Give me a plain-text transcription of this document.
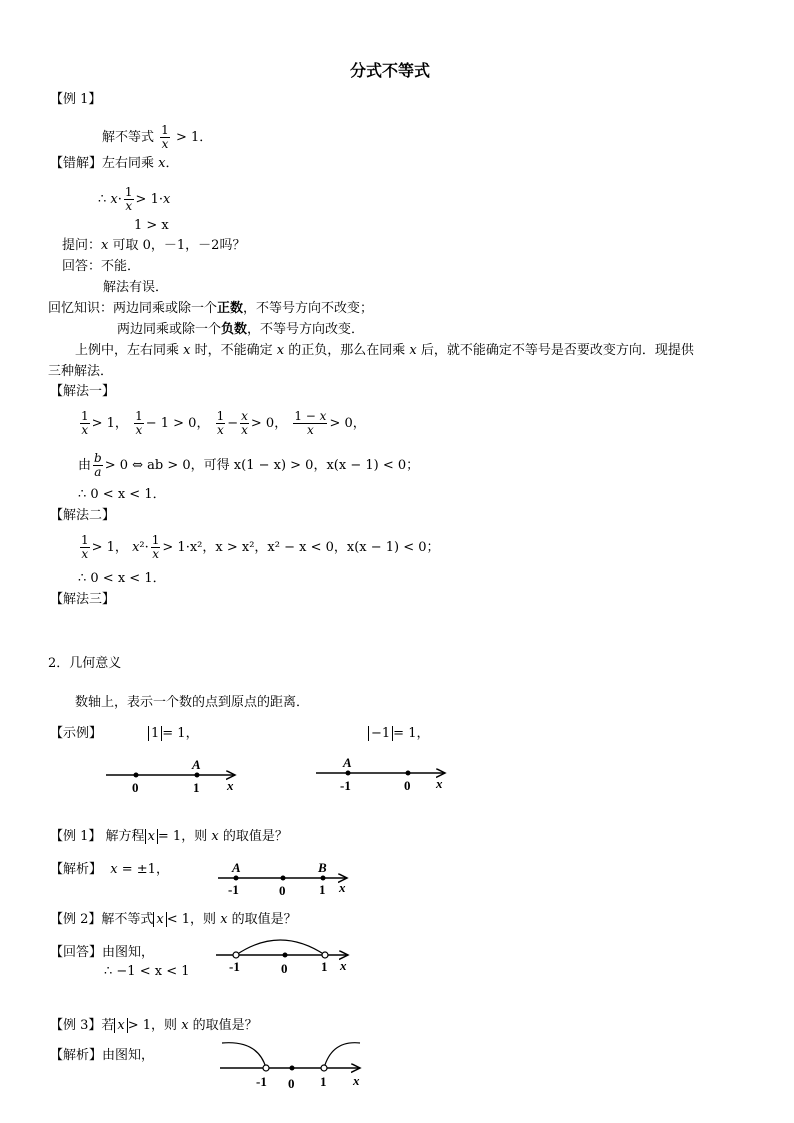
分式不等式
【例 1】
解不等式 $\frac{1}{x} > 1$．
【错解】左右同乘 x．
∴ $x\cdot \frac{1}{x} > 1\cdot x$
1 > x
提问：x 可取 0，－1，－2吗？
回答：不能．
解法有误．
回忆知识：两边同乘或除一个正数，不等号方向不改变；
两边同乘或除一个负数，不等号方向改变．
上例中，左右同乘 x 时，不能确定 x 的正负，那么在同乘 x 后，就不能确定不等号是否要改变方向．现提供
三种解法．
【解法一】
$\frac{1}{x} > 1$， $\frac{1}{x} - 1 > 0$， $\frac{1}{x} - \frac{x}{x} > 0$， $\frac{1 - x}{x} > 0$，
由 $\frac{b}{a} > 0$ ⇔ ab > 0，可得 x(1 − x) > 0，x(x − 1) < 0；
∴ 0 < x < 1．
【解法二】
$\frac{1}{x} > 1$， $x^2\cdot \frac{1}{x} > 1\cdot x^2$，x > x²，x² − x < 0，x(x − 1) < 0；
∴ 0 < x < 1．
【解法三】
2．几何意义
数轴上，表示一个数的点到原点的距离．
【示例】	1 = 1，	−1 = 1，
A
0	1 x
A
-1	0 x
A	B
-1	0	1 x
-1	0	1 x
-1 0 1 x
【例 1】 解方程 x = 1，则 x 的取值是？
【解析】 x = ±1，
【例 2】解不等式 x < 1，则 x 的取值是？
【回答】由图知，
∴ −1 < x < 1
【例 3】若 x > 1，则 x 的取值是？
【解析】由图知，
